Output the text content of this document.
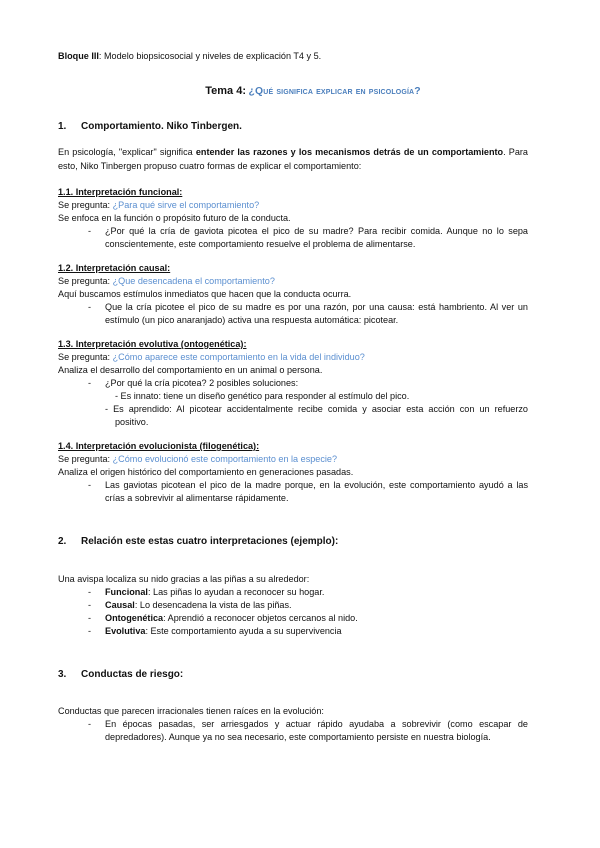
Bloque III: Modelo biopsicosocial y niveles de explicación T4 y 5.

Tema 4: ¿Qué significa explicar en psicología?
1. Comportamiento. Niko Tinbergen.

En psicología, "explicar" significa entender las razones y los mecanismos detrás de un comportamiento. Para esto, Niko Tinbergen propuso cuatro formas de explicar el comportamiento:

1.1. Interpretación funcional:

Se pregunta: ¿Para qué sirve el comportamiento?

Se enfoca en la función o propósito futuro de la conducta.

- ¿Por qué la cría de gaviota picotea el pico de su madre? Para recibir comida. Aunque no lo sepa conscientemente, este comportamiento resuelve el problema de alimentarse.

1.2. Interpretación causal:

Se pregunta: ¿Que desencadena el comportamiento?

Aquí buscamos estímulos inmediatos que hacen que la conducta ocurra.

- Que la cría picotee el pico de su madre es por una razón, por una causa: está hambriento. Al ver un estímulo (un pico anaranjado) activa una respuesta automática: picotear.

1.3. Interpretación evolutiva (ontogenética):

Se pregunta: ¿Cómo aparece este comportamiento en la vida del individuo?

Analiza el desarrollo del comportamiento en un animal o persona.

- ¿Por qué la cría picotea? 2 posibles soluciones:

- Es innato: tiene un diseño genético para responder al estímulo del pico.

- Es aprendido: Al picotear accidentalmente recibe comida y asociar esta acción con un refuerzo positivo.

1.4. Interpretación evolucionista (filogenética):

Se pregunta: ¿Cómo evolucionó este comportamiento en la especie?

Analiza el origen histórico del comportamiento en generaciones pasadas.

- Las gaviotas picotean el pico de la madre porque, en la evolución, este comportamiento ayudó a las crías a sobrevivir al alimentarse rápidamente.

2. Relación este estas cuatro interpretaciones (ejemplo):

Una avispa localiza su nido gracias a las piñas a su alrededor:

- Funcional: Las piñas lo ayudan a reconocer su hogar.

- Causal: Lo desencadena la vista de las piñas.

- Ontogenética: Aprendió a reconocer objetos cercanos al nido.

- Evolutiva: Este comportamiento ayuda a su supervivencia

3. Conductas de riesgo:

Conductas que parecen irracionales tienen raíces en la evolución:

- En épocas pasadas, ser arriesgados y actuar rápido ayudaba a sobrevivir (como escapar de depredadores). Aunque ya no sea necesario, este comportamiento persiste en nuestra biología.
